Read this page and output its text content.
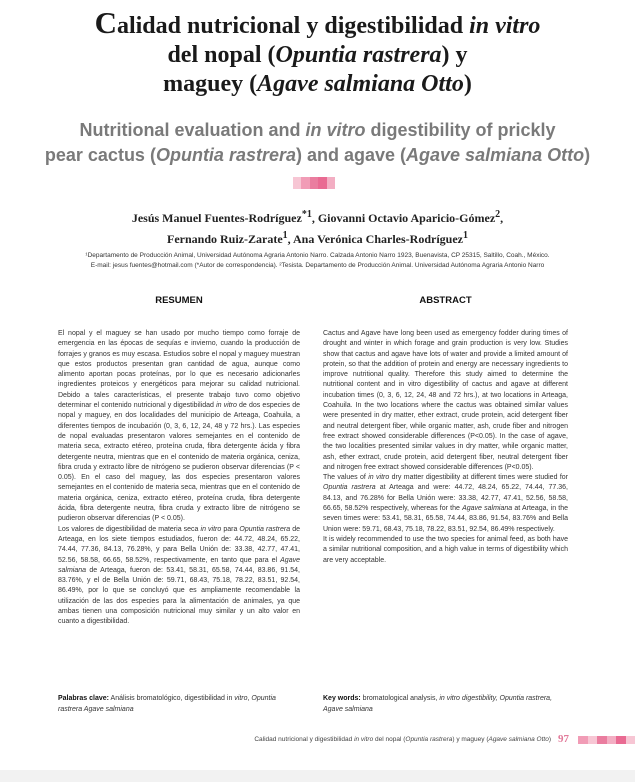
Calidad nutricional y digestibilidad in vitro
del nopal (Opuntia rastrera) y
maguey (Agave salmiana Otto)
Nutritional evaluation and in vitro digestibility of prickly
pear cactus (Opuntia rastrera) and agave (Agave salmiana Otto)

Jesús Manuel Fuentes-Rodríguez$^{*1}$, Giovanni Octavio Aparicio-Gómez$^2$,
Fernando Ruiz-Zarate$^1$, Ana Verónica Charles-Rodríguez$^1$

¹Departamento de Producción Animal, Universidad Autónoma Agraria Antonio Narro. Calzada Antonio Narro 1923, Buenavista, CP 25315, Saltillo, Coah., México.
E-mail: jesus fuentes@hotmail.com (*Autor de correspondencia). ²Tesista. Departamento de Producción Animal. Universidad Autónoma Agraria Antonio Narro

RESUMEN	ABSTRACT

El nopal y el maguey se han usado por mucho tiempo como forraje de emergencia en las épocas de sequías e invierno, cuando la producción de forrajes y granos es muy escasa. Estudios sobre el nopal y maguey muestran que estos productos presentan gran cantidad de agua, aunque como alimento aportan pocas proteínas, por lo que es necesario adicionarles ingredientes proteicos y energéticos para mejorar su calidad nutricional. Debido a tales características, el presente trabajo tuvo como objetivo determinar el contenido nutricional y digestibilidad in vitro de dos especies de nopal y maguey, en dos localidades del municipio de Arteaga, Coahuila, a diferentes tiempos de incubación (0, 3, 6, 12, 24, 48 y 72 hrs.). Las especies de nopal evaluadas presentaron valores semejantes en el contenido de materia seca, extracto etéreo, proteína cruda, fibra detergente ácida y fibra detergente neutra, mientras que en el contenido de materia orgánica, ceniza, fibra cruda y extracto libre de nitrógeno se pudieron observar diferencias (P < 0.05). En el caso del maguey, las dos especies presentaron valores semejantes en el contenido de materia seca, mientras que en el contenido de materia orgánica, ceniza, extracto etéreo, proteína cruda, fibra detergente ácida, fibra detergente neutra, fibra cruda y extracto libre de nitrógeno se pudieron observar diferencias (P < 0.05).

Los valores de digestibilidad de materia seca in vitro para Opuntia rastrera de Arteaga, en los siete tiempos estudiados, fueron de: 44.72, 48.24, 65.22, 74.44, 77.36, 84.13, 76.28%, y para Bella Unión de: 33.38, 42.77, 47.41, 52.56, 58.58, 66.65, 58.52%, respectivamente, en tanto que para el Agave salmiana de Arteaga, fueron de: 53.41, 58.31, 65.58, 74.44, 83.86, 91.54, 83.76%, y el de Bella Unión de: 59.71, 68.43, 75.18, 78.22, 83.51, 92.54, 86.49%, por lo que se concluyó que es ampliamente recomendable la utilización de las dos especies para la alimentación de animales, ya que ambas tienen una composición nutricional muy similar y un alto valor en cuanto a digestibilidad.

Cactus and Agave have long been used as emergency fodder during times of drought and winter in which forage and grain production is very low. Studies show that cactus and agave have lots of water and provide a limited amount of protein, so that the addition of protein and energy are necessary ingredients to improve nutritional quality. Therefore this study aimed to determine the nutritional content and in vitro digestibility of cactus and agave at different incubation times (0, 3, 6, 12, 24, 48 and 72 hrs.), at two locations in Arteaga, Coahuila. In the two locations where the cactus was obtained similar values were presented in dry matter, ether extract, crude protein, acid detergent fiber and neutral detergent fiber, while organic matter, ash, crude fiber and nitrogen free extract showed considerable differences (P<0.05). In the case of agave, the two localities presented similar values in dry matter, while organic matter, ash, ether extract, crude protein, acid detergent fiber, neutral detergent fiber and nitrogen free extract showed considerable differences (P<0.05).

The values of in vitro dry matter digestibility at different times were studied for Opuntia rastrera at Arteaga and were: 44.72, 48.24, 65.22, 74.44, 77.36, 84.13, and 76.28% for Bella Unión were: 33.38, 42.77, 47.41, 52.56, 58.58, 66.65, 58.52% respectively, whereas for the Agave salmiana at Arteaga, in the seven times were: 53.41, 58.31, 65.58, 74.44, 83.86, 91.54, 83.76% and Bella Union were: 59.71, 68.43, 75.18, 78.22, 83.51, 92.54, 86.49% respectively.

It is widely recommended to use the two species for animal feed, as both have a similar nutritional composition, and a high value in terms of digestibility which are very acceptable.

Palabras clave: Análisis bromatológico, digestibilidad in vitro, Opuntia rastrera Agave salmiana

Key words: bromatological analysis, in vitro digestibility, Opuntia rastrera, Agave salmiana

Calidad nutricional y digestibilidad in vitro del nopal (Opuntia rastrera) y maguey (Agave salmiana Otto) 97
